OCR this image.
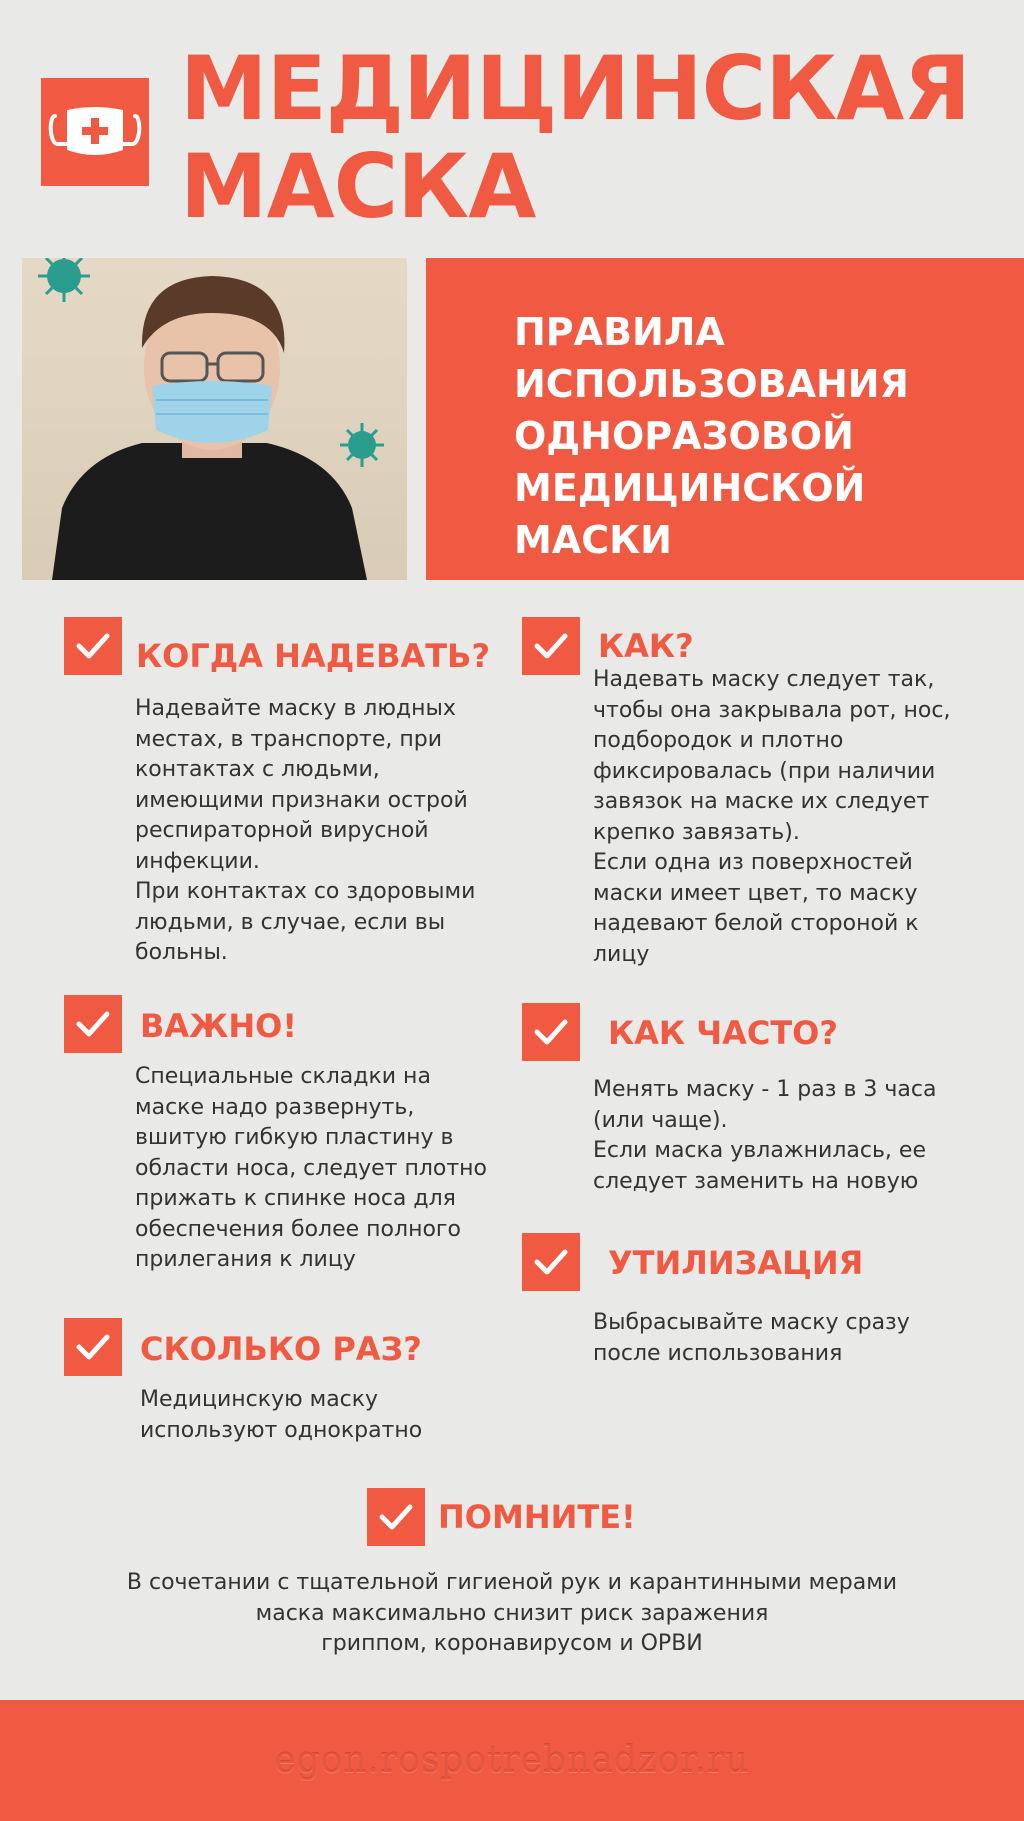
МЕДИЦИНСКАЯ
МАСКА
ПРАВИЛА
ИСПОЛЬЗОВАНИЯ
ОДНОРАЗОВОЙ
МЕДИЦИНСКОЙ
МАСКИ
КОГДА НАДЕВАТЬ?
Надевайте маску в людных
местах, в транспорте, при
контактах с людьми,
имеющими признаки острой
респираторной вирусной
инфекции.
При контактах со здоровыми
людьми, в случае, если вы
больны.
КАК?
Надевать маску следует так,
чтобы она закрывала рот, нос,
подбородок и плотно
фиксировалась (при наличии
завязок на маске их следует
крепко завязать).
Если одна из поверхностей
маски имеет цвет, то маску
надевают белой стороной к
лицу
ВАЖНО!
Специальные складки на
маске надо развернуть,
вшитую гибкую пластину в
области носа, следует плотно
прижать к спинке носа для
обеспечения более полного
прилегания к лицу
КАК ЧАСТО?
Менять маску - 1 раз в 3 часа
(или чаще).
Если маска увлажнилась, ее
следует заменить на новую
УТИЛИЗАЦИЯ
Выбрасывайте маску сразу
после использования
СКОЛЬКО РАЗ?
Медицинскую маску
используют однократно
ПОМНИТЕ!
В сочетании с тщательной гигиеной рук и карантинными мерами
маска максимально снизит риск заражения
гриппом, коронавирусом и ОРВИ
egon.rospotrebnadzor.ru
